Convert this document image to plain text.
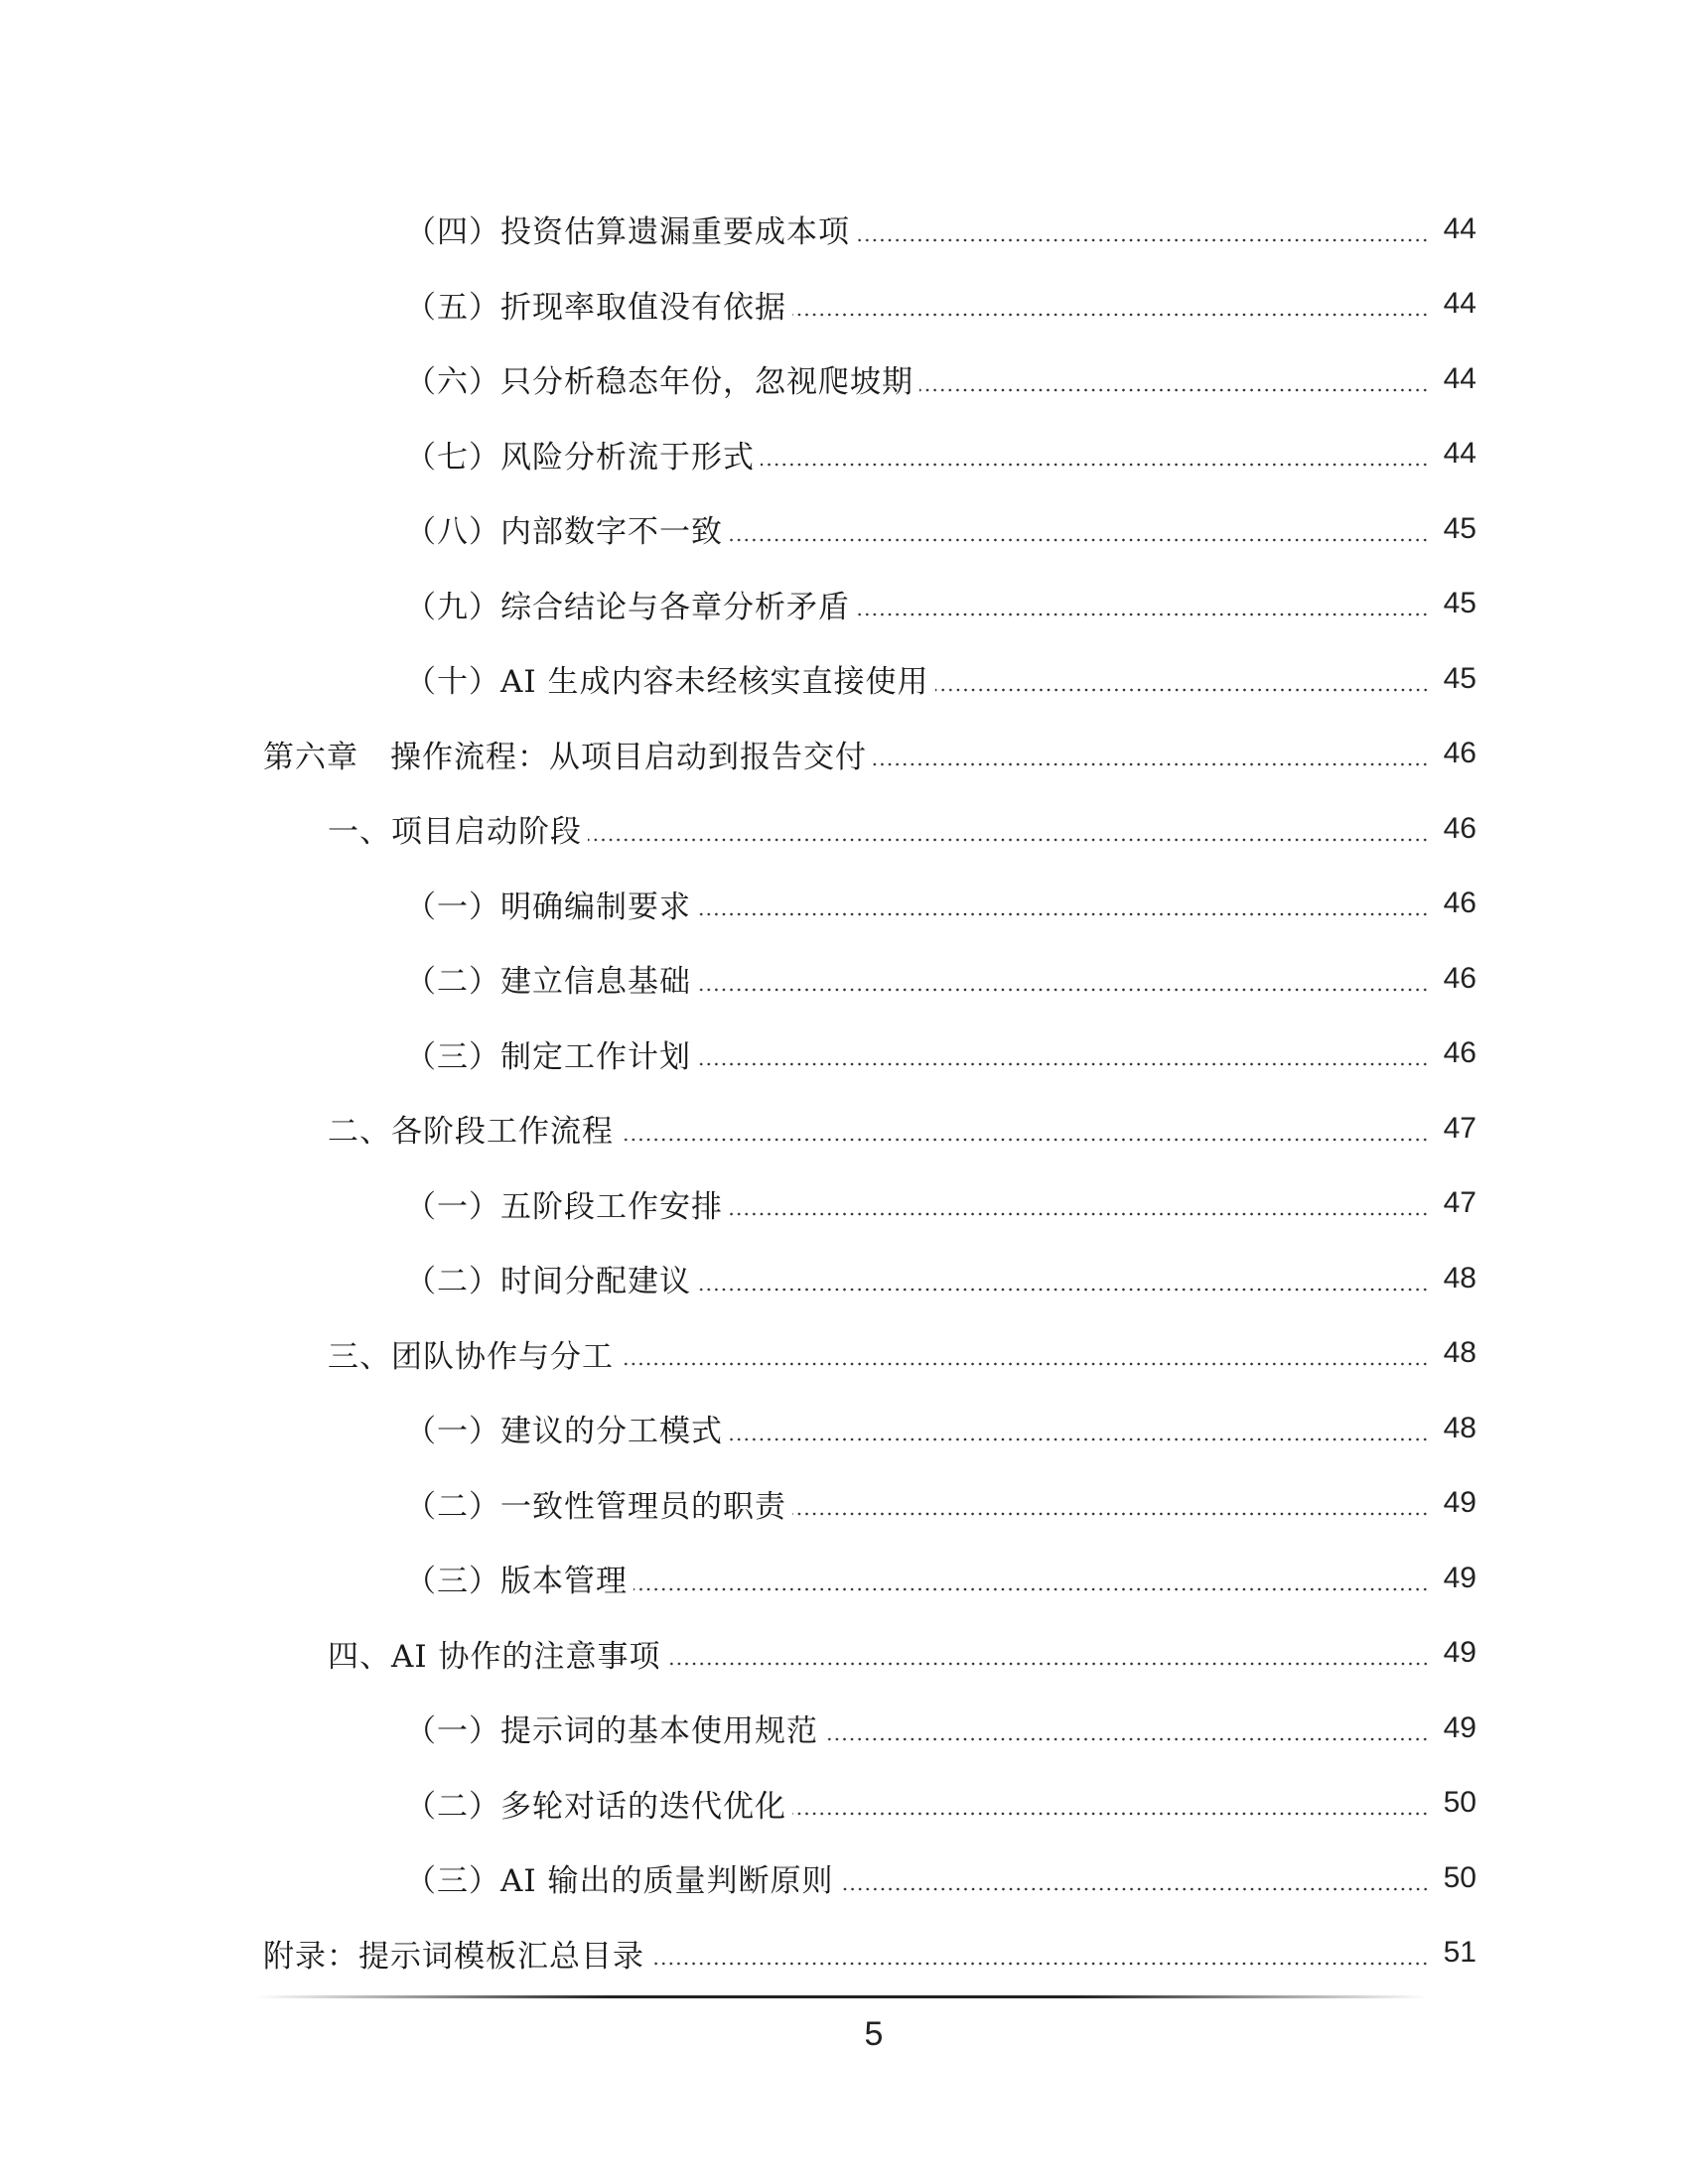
（四）投资估算遗漏重要成本项	44
（五）折现率取值没有依据	44
（六）只分析稳态年份，忽视爬坡期	44
（七）风险分析流于形式	44
（八）内部数字不一致	45
（九）综合结论与各章分析矛盾	45
（十）AI 生成内容未经核实直接使用	45
第六章　操作流程：从项目启动到报告交付	46
一、项目启动阶段	46
（一）明确编制要求	46
（二）建立信息基础	46
（三）制定工作计划	46
二、各阶段工作流程	47
（一）五阶段工作安排	47
（二）时间分配建议	48
三、团队协作与分工	48
（一）建议的分工模式	48
（二）一致性管理员的职责	49
（三）版本管理	49
四、AI 协作的注意事项	49
（一）提示词的基本使用规范	49
（二）多轮对话的迭代优化	50
（三）AI 输出的质量判断原则	50
附录：提示词模板汇总目录	51
5
